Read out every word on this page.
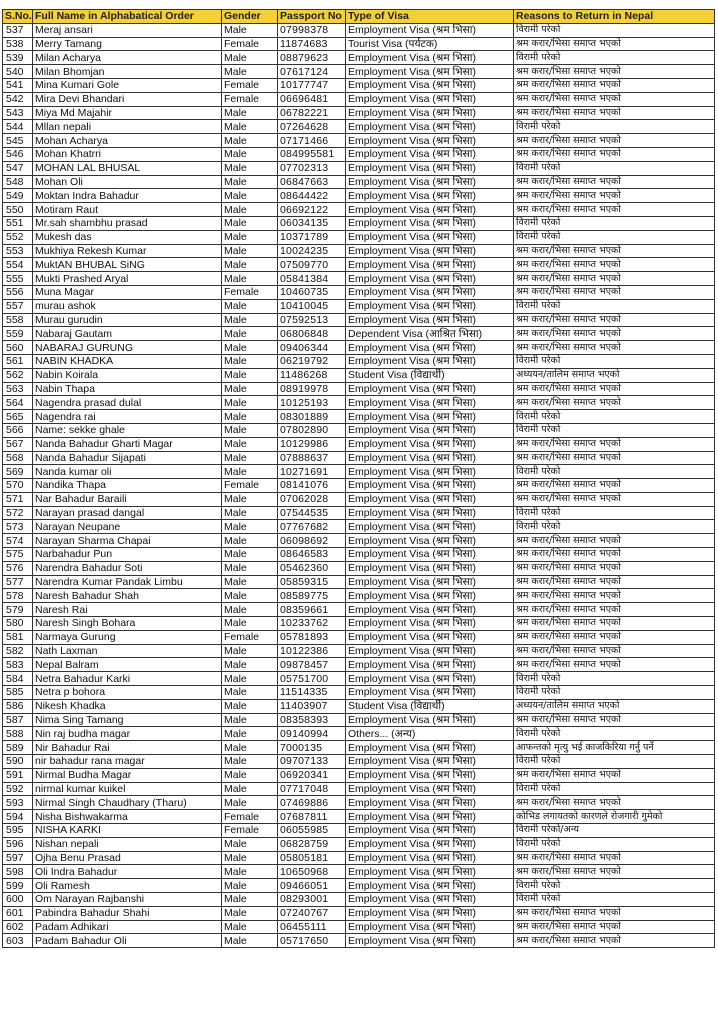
S.No.	Full Name in Alphabatical Order	Gender	Passport No	Type of Visa	Reasons to Return in Nepal
537	Meraj ansari	Male	07998378	Employment Visa (श्रम भिसा)	विरामी परेको
538	Merry Tamang	Female	11874683	Tourist Visa (पर्यटक)	श्रम करार/भिसा समाप्त भएको
539	Milan Acharya	Male	08879623	Employment Visa (श्रम भिसा)	विरामी परेको
540	Milan Bhomjan	Male	07617124	Employment Visa (श्रम भिसा)	श्रम करार/भिसा समाप्त भएको
541	Mina Kumari Gole	Female	10177747	Employment Visa (श्रम भिसा)	श्रम करार/भिसा समाप्त भएको
542	Mira Devi Bhandari	Female	06696481	Employment Visa (श्रम भिसा)	श्रम करार/भिसा समाप्त भएको
543	Miya Md Majahir	Male	06782221	Employment Visa (श्रम भिसा)	श्रम करार/भिसा समाप्त भएको
544	Mllan nepali	Male	07264628	Employment Visa (श्रम भिसा)	विरामी परेको
545	Mohan Acharya	Male	07171466	Employment Visa (श्रम भिसा)	श्रम करार/भिसा समाप्त भएको
546	Mohan Khatrri	Male	084995581	Employment Visa (श्रम भिसा)	श्रम करार/भिसा समाप्त भएको
547	MOHAN LAL BHUSAL	Male	07702313	Employment Visa (श्रम भिसा)	विरामी परेको
548	Mohan Oli	Male	06847663	Employment Visa (श्रम भिसा)	श्रम करार/भिसा समाप्त भएको
549	Moktan Indra Bahadur	Male	08644422	Employment Visa (श्रम भिसा)	श्रम करार/भिसा समाप्त भएको
550	Motiram Raut	Male	06692122	Employment Visa (श्रम भिसा)	श्रम करार/भिसा समाप्त भएको
551	Mr.sah shambhu prasad	Male	06034135	Employment Visa (श्रम भिसा)	विरामी परेको
552	Mukesh das	Male	10371789	Employment Visa (श्रम भिसा)	विरामी परेको
553	Mukhiya Rekesh Kumar	Male	10024235	Employment Visa (श्रम भिसा)	श्रम करार/भिसा समाप्त भएको
554	MuktAN BHUBAL SiNG	Male	07509770	Employment Visa (श्रम भिसा)	श्रम करार/भिसा समाप्त भएको
555	Mukti Prashed Aryal	Male	05841384	Employment Visa (श्रम भिसा)	श्रम करार/भिसा समाप्त भएको
556	Muna Magar	Female	10460735	Employment Visa (श्रम भिसा)	श्रम करार/भिसा समाप्त भएको
557	murau ashok	Male	10410045	Employment Visa (श्रम भिसा)	विरामी परेको
558	Murau gurudin	Male	07592513	Employment Visa (श्रम भिसा)	श्रम करार/भिसा समाप्त भएको
559	Nabaraj Gautam	Male	06806848	Dependent Visa (आश्रित भिसा)	श्रम करार/भिसा समाप्त भएको
560	NABARAJ GURUNG	Male	09406344	Employment Visa (श्रम भिसा)	श्रम करार/भिसा समाप्त भएको
561	NABIN KHADKA	Male	06219792	Employment Visa (श्रम भिसा)	विरामी परेको
562	Nabin Koirala	Male	11486268	Student Visa (विद्यार्थी)	अध्ययन/तालिम समाप्त भएको
563	Nabin Thapa	Male	08919978	Employment Visa (श्रम भिसा)	श्रम करार/भिसा समाप्त भएको
564	Nagendra prasad dulal	Male	10125193	Employment Visa (श्रम भिसा)	श्रम करार/भिसा समाप्त भएको
565	Nagendra rai	Male	08301889	Employment Visa (श्रम भिसा)	विरामी परेको
566	Name: sekke ghale	Male	07802890	Employment Visa (श्रम भिसा)	विरामी परेको
567	Nanda Bahadur Gharti Magar	Male	10129986	Employment Visa (श्रम भिसा)	श्रम करार/भिसा समाप्त भएको
568	Nanda Bahadur Sijapati	Male	07888637	Employment Visa (श्रम भिसा)	श्रम करार/भिसा समाप्त भएको
569	Nanda kumar oli	Male	10271691	Employment Visa (श्रम भिसा)	विरामी परेको
570	Nandika Thapa	Female	08141076	Employment Visa (श्रम भिसा)	श्रम करार/भिसा समाप्त भएको
571	Nar Bahadur Baraili	Male	07062028	Employment Visa (श्रम भिसा)	श्रम करार/भिसा समाप्त भएको
572	Narayan prasad dangal	Male	07544535	Employment Visa (श्रम भिसा)	विरामी परेको
573	Narayan Neupane	Male	07767682	Employment Visa (श्रम भिसा)	विरामी परेको
574	Narayan Sharma Chapai	Male	06098692	Employment Visa (श्रम भिसा)	श्रम करार/भिसा समाप्त भएको
575	Narbahadur Pun	Male	08646583	Employment Visa (श्रम भिसा)	श्रम करार/भिसा समाप्त भएको
576	Narendra Bahadur Soti	Male	05462360	Employment Visa (श्रम भिसा)	श्रम करार/भिसा समाप्त भएको
577	Narendra Kumar Pandak Limbu	Male	05859315	Employment Visa (श्रम भिसा)	श्रम करार/भिसा समाप्त भएको
578	Naresh Bahadur Shah	Male	08589775	Employment Visa (श्रम भिसा)	श्रम करार/भिसा समाप्त भएको
579	Naresh Rai	Male	08359661	Employment Visa (श्रम भिसा)	श्रम करार/भिसा समाप्त भएको
580	Naresh Singh Bohara	Male	10233762	Employment Visa (श्रम भिसा)	श्रम करार/भिसा समाप्त भएको
581	Narmaya Gurung	Female	05781893	Employment Visa (श्रम भिसा)	श्रम करार/भिसा समाप्त भएको
582	Nath Laxman	Male	10122386	Employment Visa (श्रम भिसा)	श्रम करार/भिसा समाप्त भएको
583	Nepal Balram	Male	09878457	Employment Visa (श्रम भिसा)	श्रम करार/भिसा समाप्त भएको
584	Netra Bahadur Karki	Male	05751700	Employment Visa (श्रम भिसा)	विरामी परेको
585	Netra p bohora	Male	11514335	Employment Visa (श्रम भिसा)	विरामी परेको
586	Nikesh Khadka	Male	11403907	Student Visa (विद्यार्थी)	अध्ययन/तालिम समाप्त भएको
587	Nima Sing Tamang	Male	08358393	Employment Visa (श्रम भिसा)	श्रम करार/भिसा समाप्त भएको
588	Nin raj budha magar	Male	09140994	Others... (अन्य)	विरामी परेको
589	Nir Bahadur Rai	Male	7000135	Employment Visa (श्रम भिसा)	आफन्तको मृत्यु भई काजकिरिया गर्नु पर्ने
590	nir bahadur rana magar	Male	09707133	Employment Visa (श्रम भिसा)	विरामी परेको
591	Nirmal Budha Magar	Male	06920341	Employment Visa (श्रम भिसा)	श्रम करार/भिसा समाप्त भएको
592	nirmal kumar kuikel	Male	07717048	Employment Visa (श्रम भिसा)	विरामी परेको
593	Nirmal Singh Chaudhary (Tharu)	Male	07469886	Employment Visa (श्रम भिसा)	श्रम करार/भिसा समाप्त भएको
594	Nisha Bishwakarma	Female	07687811	Employment Visa (श्रम भिसा)	कोभिड लगायतको कारणले रोजगारी गुमेको
595	NISHA KARKI	Female	06055985	Employment Visa (श्रम भिसा)	विरामी परेको/अन्य
596	Nishan nepali	Male	06828759	Employment Visa (श्रम भिसा)	विरामी परेको
597	Ojha Benu Prasad	Male	05805181	Employment Visa (श्रम भिसा)	श्रम करार/भिसा समाप्त भएको
598	Oli Indra Bahadur	Male	10650968	Employment Visa (श्रम भिसा)	श्रम करार/भिसा समाप्त भएको
599	Oli Ramesh	Male	09466051	Employment Visa (श्रम भिसा)	विरामी परेको
600	Om Narayan Rajbanshi	Male	08293001	Employment Visa (श्रम भिसा)	विरामी परेको
601	Pabindra Bahadur Shahi	Male	07240767	Employment Visa (श्रम भिसा)	श्रम करार/भिसा समाप्त भएको
602	Padam Adhikari	Male	06455111	Employment Visa (श्रम भिसा)	श्रम करार/भिसा समाप्त भएको
603	Padam Bahadur Oli	Male	05717650	Employment Visa (श्रम भिसा)	श्रम करार/भिसा समाप्त भएको
